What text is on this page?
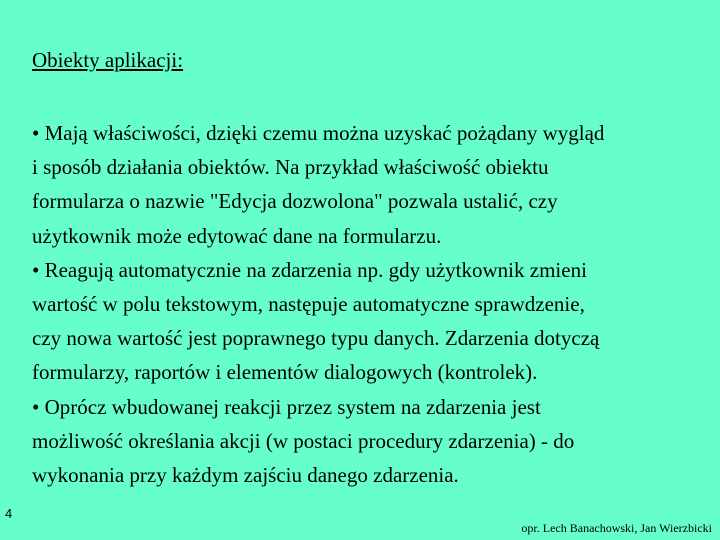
Obiekty aplikacji:
• Mają właściwości, dzięki czemu można uzyskać pożądany wygląd
i sposób działania obiektów. Na przykład właściwość obiektu
formularza o nazwie "Edycja dozwolona" pozwala ustalić, czy
użytkownik może edytować dane na formularzu.
• Reagują automatycznie na zdarzenia np. gdy użytkownik zmieni
wartość w polu tekstowym, następuje automatyczne sprawdzenie,
czy nowa wartość jest poprawnego typu danych. Zdarzenia dotyczą
formularzy, raportów i elementów dialogowych (kontrolek).
• Oprócz wbudowanej reakcji przez system na zdarzenia jest
możliwość określania akcji (w postaci procedury zdarzenia) - do
wykonania przy każdym zajściu danego zdarzenia.
4
opr. Lech Banachowski, Jan Wierzbicki
